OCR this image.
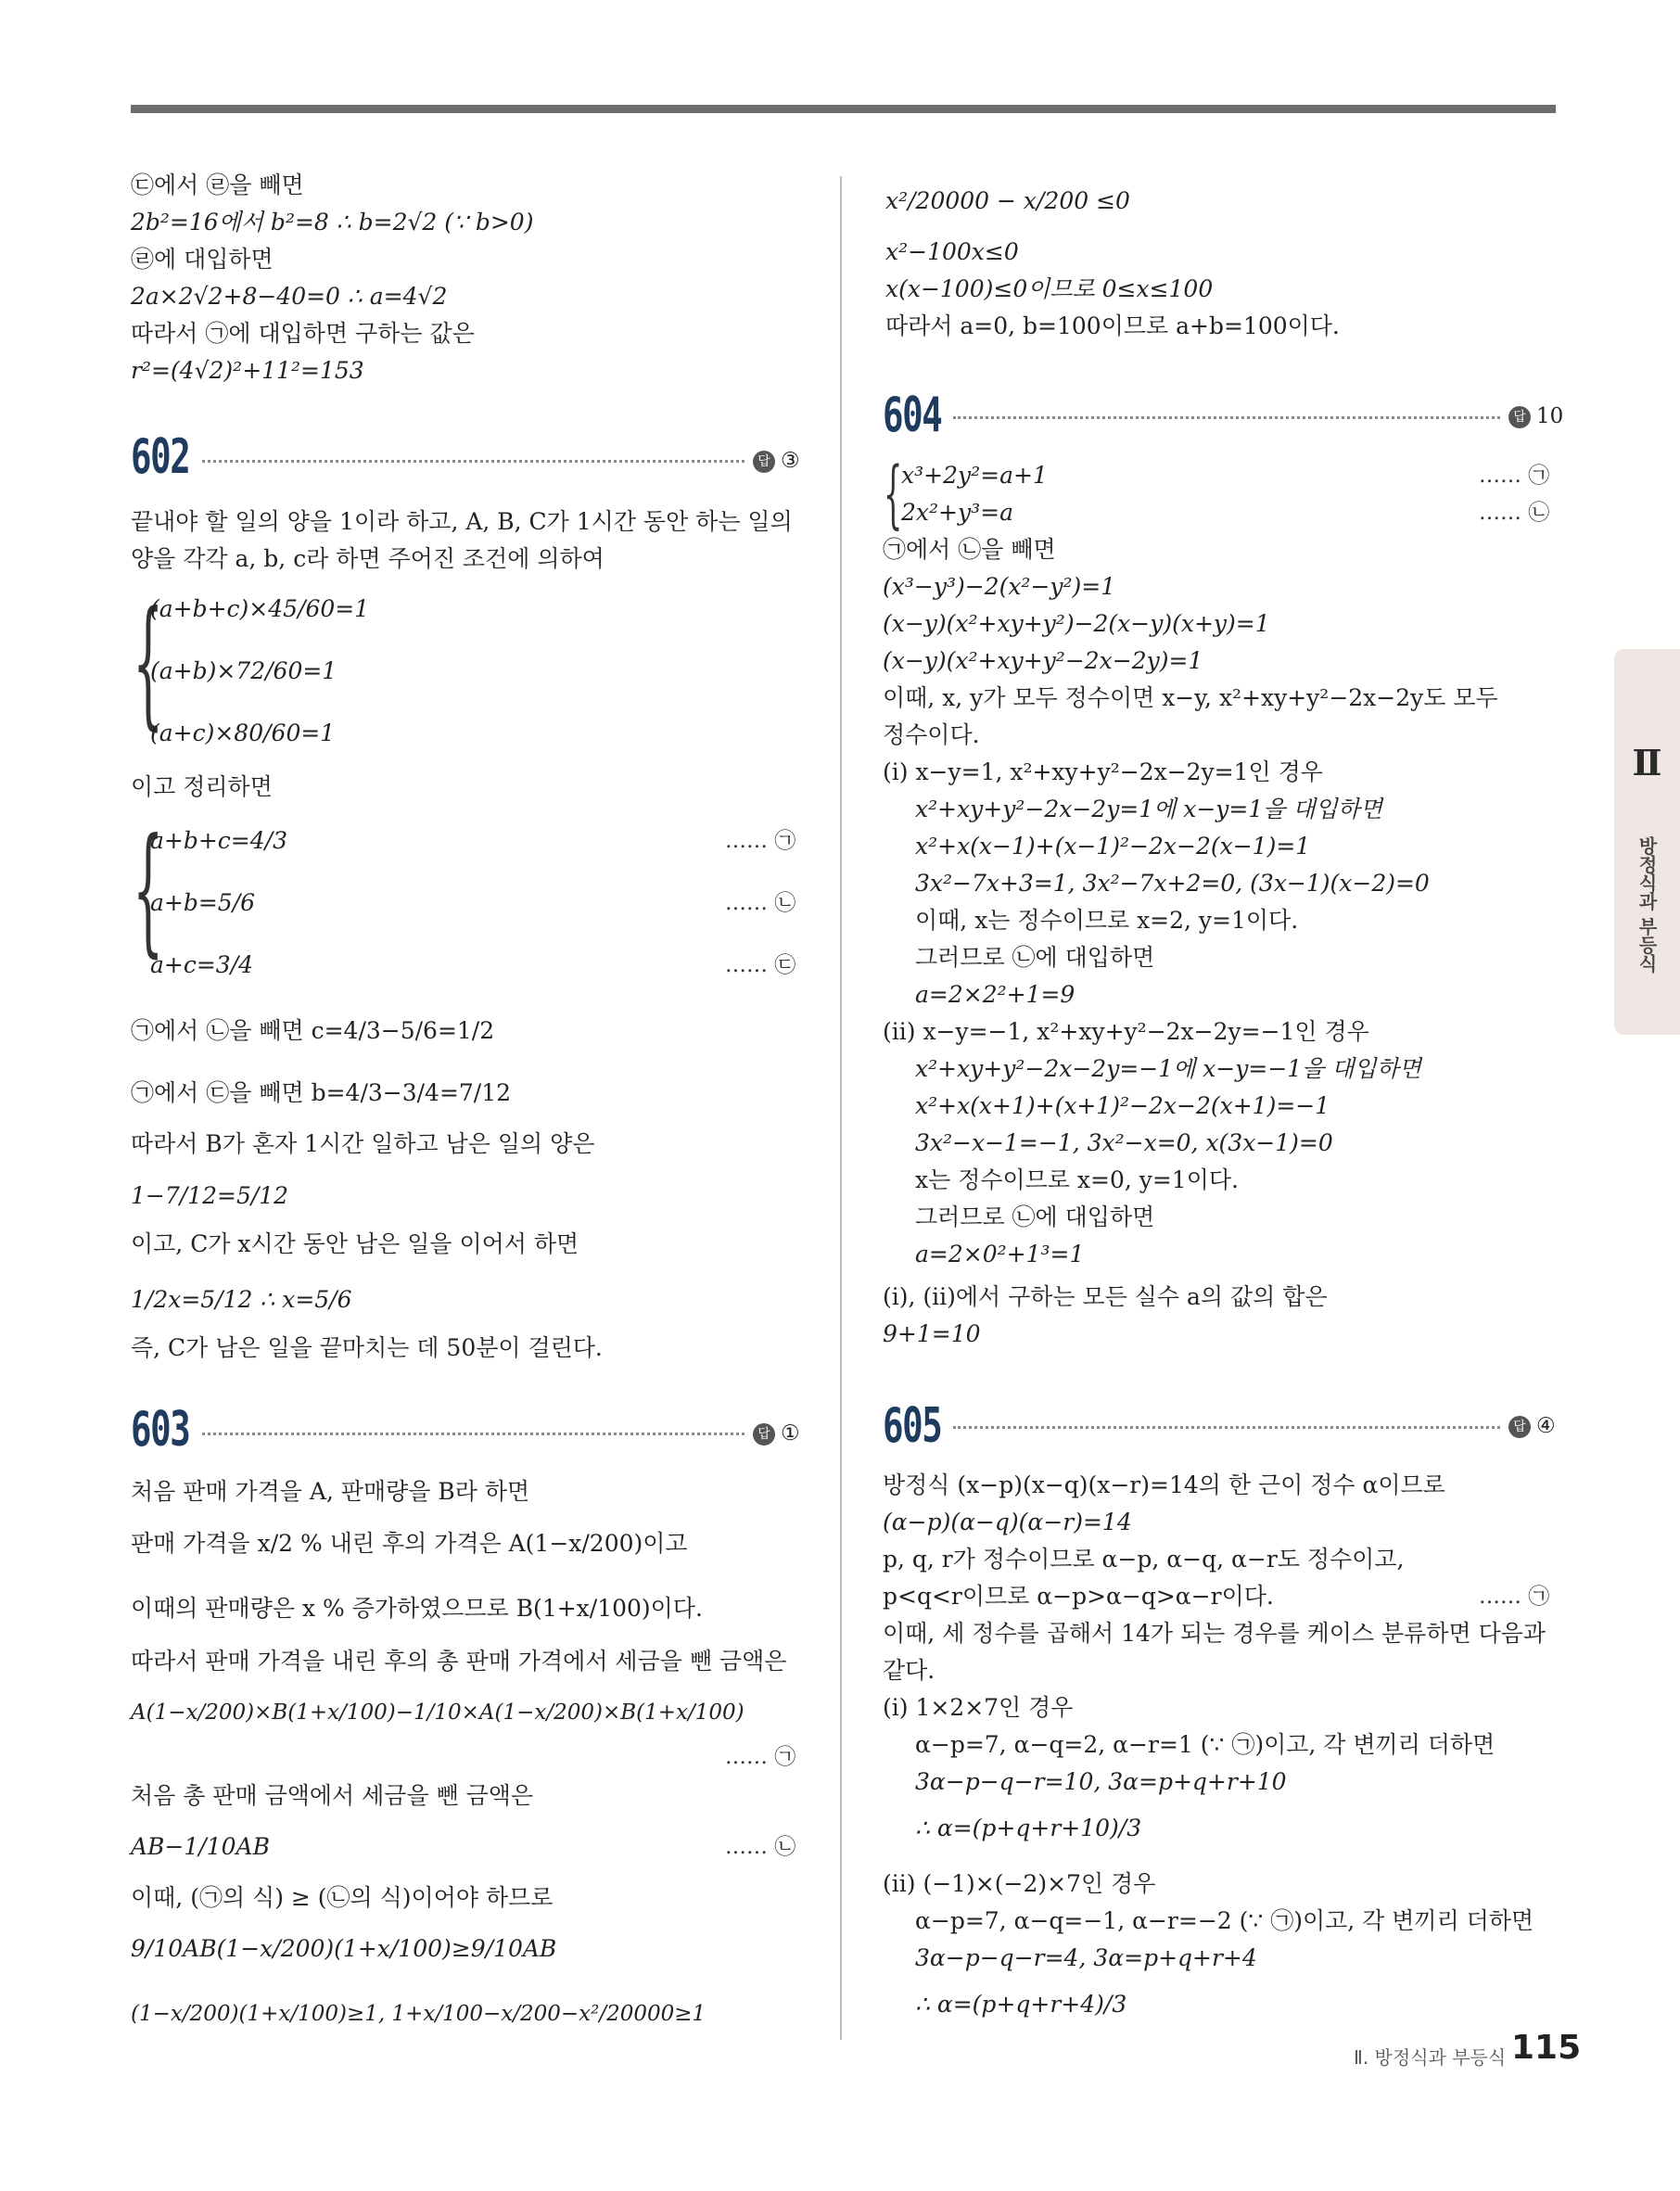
㉢에서 ㉣을 빼면
2b²=16에서 b²=8 ∴ b=2√2 (∵ b>0)
㉣에 대입하면
2a×2√2+8−40=0 ∴ a=4√2
따라서 ㉠에 대입하면 구하는 값은
r²=(4√2)²+11²=153
602	답 ③
끝내야 할 일의 양을 1이라 하고, A, B, C가 1시간 동안 하는 일의
양을 각각 a, b, c라 하면 주어진 조건에 의하여
{
(a+b+c)×45/60=1
(a+b)×72/60=1
(a+c)×80/60=1
이고 정리하면
{
a+b+c=4/3	…… ㉠
a+b=5/6	…… ㉡
a+c=3/4	…… ㉢
㉠에서 ㉡을 빼면 c=4/3−5/6=1/2
㉠에서 ㉢을 빼면 b=4/3−3/4=7/12
따라서 B가 혼자 1시간 일하고 남은 일의 양은
1−7/12=5/12
이고, C가 x시간 동안 남은 일을 이어서 하면
1/2x=5/12 ∴ x=5/6
즉, C가 남은 일을 끝마치는 데 50분이 걸린다.
603	답 ①
처음 판매 가격을 A, 판매량을 B라 하면
판매 가격을 x/2 % 내린 후의 가격은 A(1−x/200)이고
이때의 판매량은 x % 증가하였으므로 B(1+x/100)이다.
따라서 판매 가격을 내린 후의 총 판매 가격에서 세금을 뺀 금액은
A(1−x/200)×B(1+x/100)−1/10×A(1−x/200)×B(1+x/100)
…… ㉠
처음 총 판매 금액에서 세금을 뺀 금액은
AB−1/10AB	…… ㉡
이때, (㉠의 식) ≥ (㉡의 식)이어야 하므로
9/10AB(1−x/200)(1+x/100)≥9/10AB
(1−x/200)(1+x/100)≥1, 1+x/100−x/200−x²/20000≥1
x²/20000 − x/200 ≤0
x²−100x≤0
x(x−100)≤0이므로 0≤x≤100
따라서 a=0, b=100이므로 a+b=100이다.
604	답 10
{
x³+2y²=a+1	…… ㉠
2x²+y³=a	…… ㉡
㉠에서 ㉡을 빼면
(x³−y³)−2(x²−y²)=1
(x−y)(x²+xy+y²)−2(x−y)(x+y)=1
(x−y)(x²+xy+y²−2x−2y)=1
이때, x, y가 모두 정수이면 x−y, x²+xy+y²−2x−2y도 모두
정수이다.
(i) x−y=1, x²+xy+y²−2x−2y=1인 경우
x²+xy+y²−2x−2y=1에 x−y=1을 대입하면
x²+x(x−1)+(x−1)²−2x−2(x−1)=1
3x²−7x+3=1, 3x²−7x+2=0, (3x−1)(x−2)=0
이때, x는 정수이므로 x=2, y=1이다.
그러므로 ㉡에 대입하면
a=2×2²+1=9
(ii) x−y=−1, x²+xy+y²−2x−2y=−1인 경우
x²+xy+y²−2x−2y=−1에 x−y=−1을 대입하면
x²+x(x+1)+(x+1)²−2x−2(x+1)=−1
3x²−x−1=−1, 3x²−x=0, x(3x−1)=0
x는 정수이므로 x=0, y=1이다.
그러므로 ㉡에 대입하면
a=2×0²+1³=1
(i), (ii)에서 구하는 모든 실수 a의 값의 합은
9+1=10
605	답 ④
방정식 (x−p)(x−q)(x−r)=14의 한 근이 정수 α이므로
(α−p)(α−q)(α−r)=14
p, q, r가 정수이므로 α−p, α−q, α−r도 정수이고,
p<q<r이므로 α−p>α−q>α−r이다.	…… ㉠
이때, 세 정수를 곱해서 14가 되는 경우를 케이스 분류하면 다음과
같다.
(i) 1×2×7인 경우
α−p=7, α−q=2, α−r=1 (∵ ㉠)이고, 각 변끼리 더하면
3α−p−q−r=10, 3α=p+q+r+10
∴ α=(p+q+r+10)/3
(ii) (−1)×(−2)×7인 경우
α−p=7, α−q=−1, α−r=−2 (∵ ㉠)이고, 각 변끼리 더하면
3α−p−q−r=4, 3α=p+q+r+4
∴ α=(p+q+r+4)/3
Ⅱ
방정식과 부등식
Ⅱ. 방정식과 부등식 115
